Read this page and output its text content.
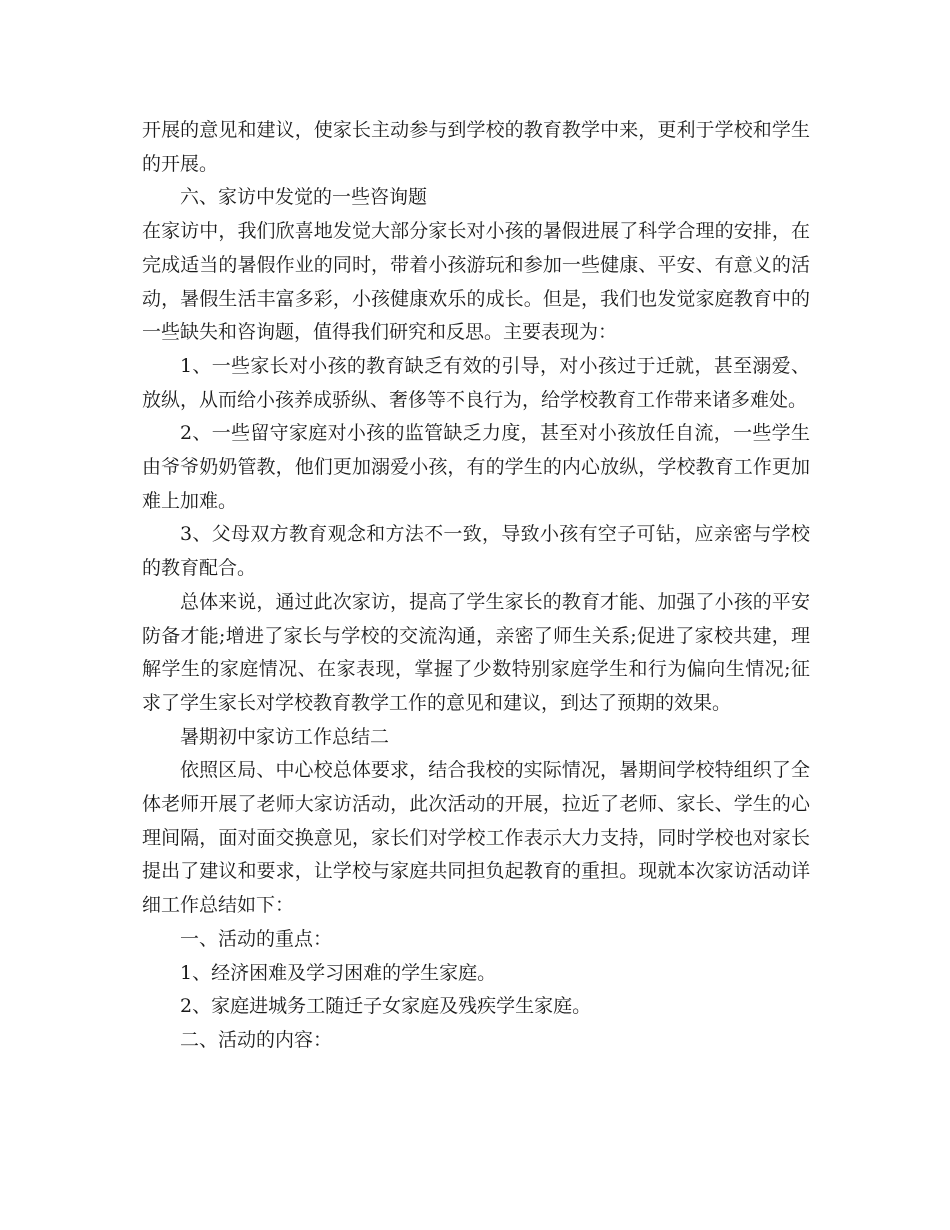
开展的意见和建议，使家长主动参与到学校的教育教学中来，更利于学校和学生的开展。

六、家访中发觉的一些咨询题

在家访中，我们欣喜地发觉大部分家长对小孩的暑假进展了科学合理的安排，在完成适当的暑假作业的同时，带着小孩游玩和参加一些健康、平安、有意义的活动，暑假生活丰富多彩，小孩健康欢乐的成长。但是，我们也发觉家庭教育中的一些缺失和咨询题，值得我们研究和反思。主要表现为：

1、一些家长对小孩的教育缺乏有效的引导，对小孩过于迁就，甚至溺爱、放纵，从而给小孩养成骄纵、奢侈等不良行为，给学校教育工作带来诸多难处。

2、一些留守家庭对小孩的监管缺乏力度，甚至对小孩放任自流，一些学生由爷爷奶奶管教，他们更加溺爱小孩，有的学生的内心放纵，学校教育工作更加难上加难。

3、父母双方教育观念和方法不一致，导致小孩有空子可钻，应亲密与学校的教育配合。

总体来说，通过此次家访，提高了学生家长的教育才能、加强了小孩的平安防备才能;增进了家长与学校的交流沟通，亲密了师生关系;促进了家校共建，理解学生的家庭情况、在家表现，掌握了少数特别家庭学生和行为偏向生情况;征求了学生家长对学校教育教学工作的意见和建议，到达了预期的效果。

暑期初中家访工作总结二

依照区局、中心校总体要求，结合我校的实际情况，暑期间学校特组织了全体老师开展了老师大家访活动，此次活动的开展，拉近了老师、家长、学生的心理间隔，面对面交换意见，家长们对学校工作表示大力支持，同时学校也对家长提出了建议和要求，让学校与家庭共同担负起教育的重担。现就本次家访活动详细工作总结如下：

一、活动的重点：

1、经济困难及学习困难的学生家庭。

2、家庭进城务工随迁子女家庭及残疾学生家庭。

二、活动的内容：
